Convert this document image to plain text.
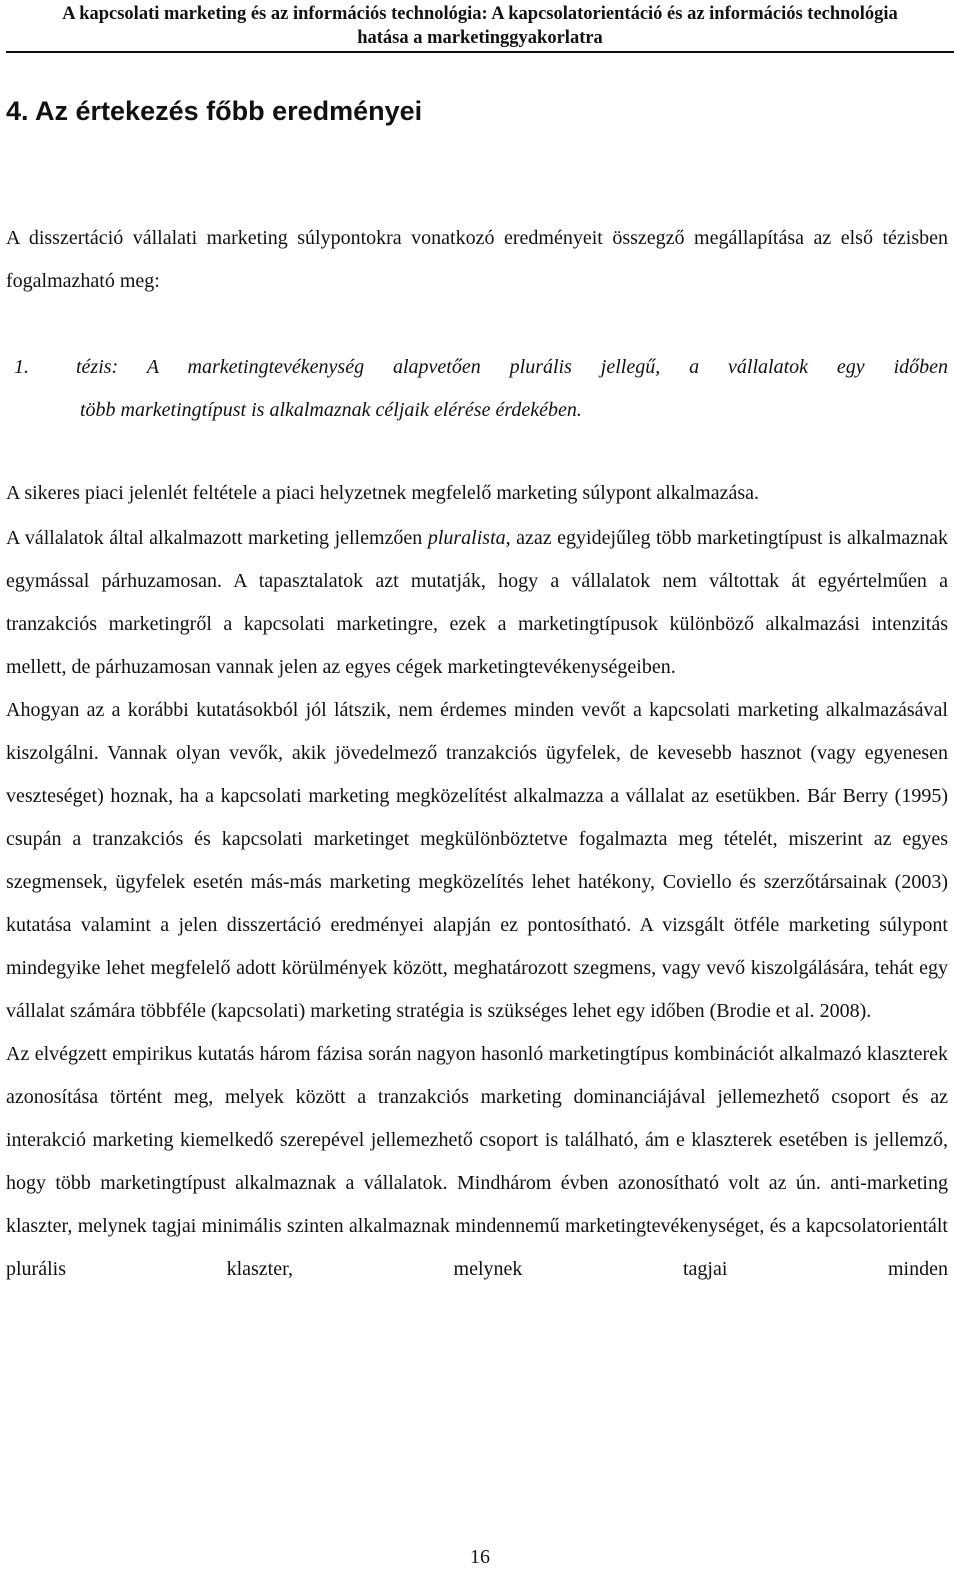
A kapcsolati marketing és az információs technológia: A kapcsolatorientáció és az információs technológia
hatása a marketinggyakorlatra
4. Az értekezés főbb eredményei

A disszertáció vállalati marketing súlypontokra vonatkozó eredményeit összegző megállapítása az első tézisben fogalmazható meg:

1.	tézis: A marketingtevékenység alapvetően plurális jellegű, a vállalatok egy időben
több marketingtípust is alkalmaznak céljaik elérése érdekében.

A sikeres piaci jelenlét feltétele a piaci helyzetnek megfelelő marketing súlypont alkalmazása.

A vállalatok által alkalmazott marketing jellemzően pluralista, azaz egyidejűleg több marketingtípust is alkalmaznak egymással párhuzamosan. A tapasztalatok azt mutatják, hogy a vállalatok nem váltottak át egyértelműen a tranzakciós marketingről a kapcsolati marketingre, ezek a marketingtípusok különböző alkalmazási intenzitás mellett, de párhuzamosan vannak jelen az egyes cégek marketingtevékenységeiben.

Ahogyan az a korábbi kutatásokból jól látszik, nem érdemes minden vevőt a kapcsolati marketing alkalmazásával kiszolgálni. Vannak olyan vevők, akik jövedelmező tranzakciós ügyfelek, de kevesebb hasznot (vagy egyenesen veszteséget) hoznak, ha a kapcsolati marketing megközelítést alkalmazza a vállalat az esetükben. Bár Berry (1995) csupán a tranzakciós és kapcsolati marketinget megkülönböztetve fogalmazta meg tételét, miszerint az egyes szegmensek, ügyfelek esetén más-más marketing megközelítés lehet hatékony, Coviello és szerzőtársainak (2003) kutatása valamint a jelen disszertáció eredményei alapján ez pontosítható. A vizsgált ötféle marketing súlypont mindegyike lehet megfelelő adott körülmények között, meghatározott szegmens, vagy vevő kiszolgálására, tehát egy vállalat számára többféle (kapcsolati) marketing stratégia is szükséges lehet egy időben (Brodie et al. 2008).

Az elvégzett empirikus kutatás három fázisa során nagyon hasonló marketingtípus kombinációt alkalmazó klaszterek azonosítása történt meg, melyek között a tranzakciós marketing dominanciájával jellemezhető csoport és az interakció marketing kiemelkedő szerepével jellemezhető csoport is található, ám e klaszterek esetében is jellemző, hogy több marketingtípust alkalmaznak a vállalatok. Mindhárom évben azonosítható volt az ún. anti-marketing klaszter, melynek tagjai minimális szinten alkalmaznak mindennemű marketingtevékenységet, és a kapcsolatorientált plurális klaszter, melynek tagjai minden

16
